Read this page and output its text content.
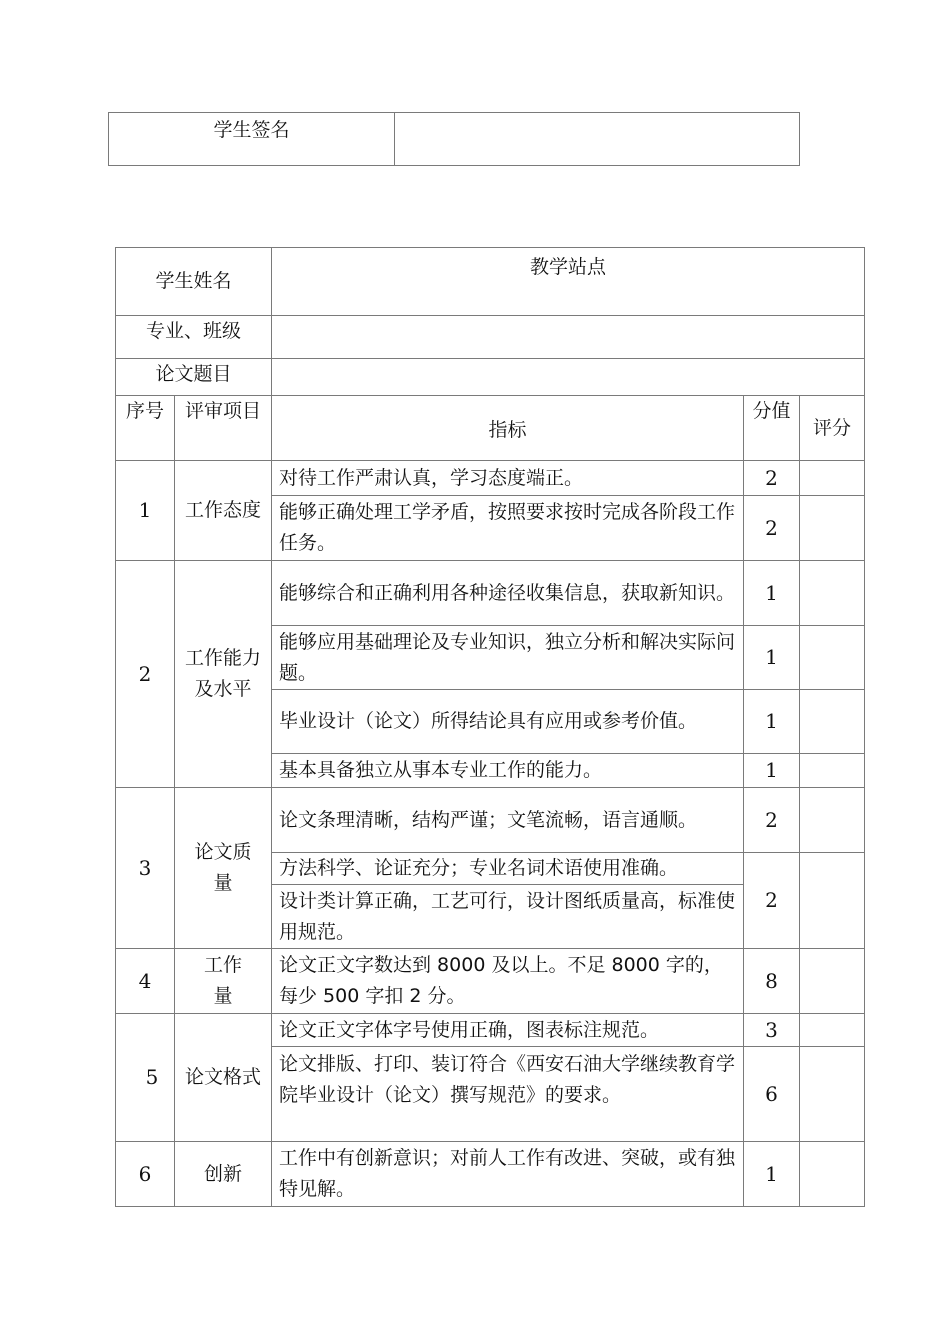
学生签名	
学生姓名		教学站点		
专业、班级				
论文题目				
序号	评审项目	指标	分值	评分
1	工作态度	对待工作严肃认真，学习态度端正。	2	
		能够正确处理工学矛盾，按照要求按时完成各阶段工作任务。	2	
2	工作能力及水平	能够综合和正确利用各种途径收集信息，获取新知识。	1	
		能够应用基础理论及专业知识，独立分析和解决实际问题。	1	
		毕业设计（论文）所得结论具有应用或参考价值。	1	
		基本具备独立从事本专业工作的能力。	1	
3	论文质量	论文条理清晰，结构严谨；文笔流畅，语言通顺。	2	
		方法科学、论证充分；专业名词术语使用准确。	2	
		设计类计算正确，工艺可行，设计图纸质量高，标准使用规范。		
4	工作量	论文正文字数达到 8000 及以上。不足 8000 字的，每少 500 字扣 2 分。	8	
5	论文格式	论文正文字体字号使用正确，图表标注规范。	3	
		论文排版、打印、装订符合《西安石油大学继续教育学院毕业设计（论文）撰写规范》的要求。	6	
6	创新	工作中有创新意识；对前人工作有改进、突破，或有独特见解。	1	
